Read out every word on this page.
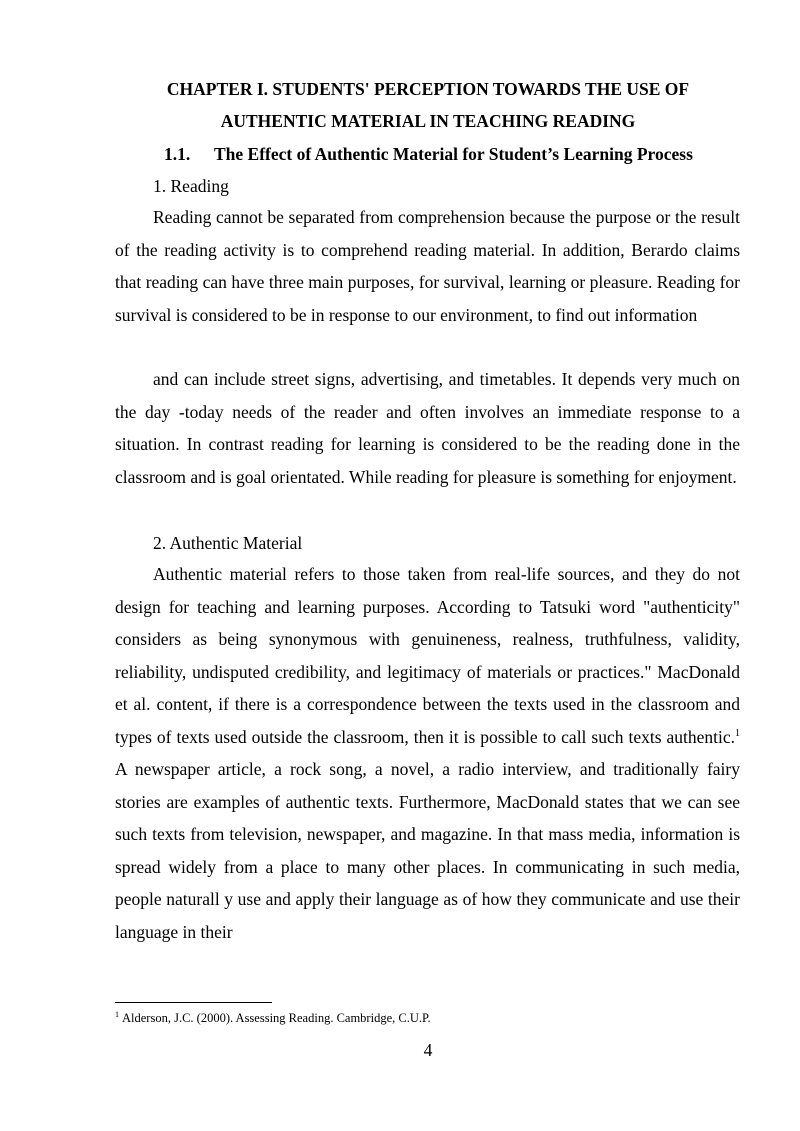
CHAPTER I. STUDENTS' PERCEPTION TOWARDS THE USE OF
AUTHENTIC MATERIAL IN TEACHING READING
1.1. The Effect of Authentic Material for Student’s Learning Process
1. Reading

Reading cannot be separated from comprehension because the purpose or the result of the reading activity is to comprehend reading material. In addition, Berardo claims that reading can have three main purposes, for survival, learning or pleasure. Reading for survival is considered to be in response to our environment, to find out information

and can include street signs, advertising, and timetables. It depends very much on the day -today needs of the reader and often involves an immediate response to a situation. In contrast reading for learning is considered to be the reading done in the classroom and is goal orientated. While reading for pleasure is something for enjoyment.

2. Authentic Material

Authentic material refers to those taken from real-life sources, and they do not design for teaching and learning purposes. According to Tatsuki word "authenticity" considers as being synonymous with genuineness, realness, truthfulness, validity, reliability, undisputed credibility, and legitimacy of materials or practices." MacDonald et al. content, if there is a correspondence between the texts used in the classroom and types of texts used outside the classroom, then it is possible to call such texts authentic.$^1$ A newspaper article, a rock song, a novel, a radio interview, and traditionally fairy stories are examples of authentic texts. Furthermore, MacDonald states that we can see such texts from television, newspaper, and magazine. In that mass media, information is spread widely from a place to many other places. In communicating in such media, people naturall y use and apply their language as of how they communicate and use their language in their

$^1$ Alderson, J.C. (2000). Assessing Reading. Cambridge, C.U.P.
4
